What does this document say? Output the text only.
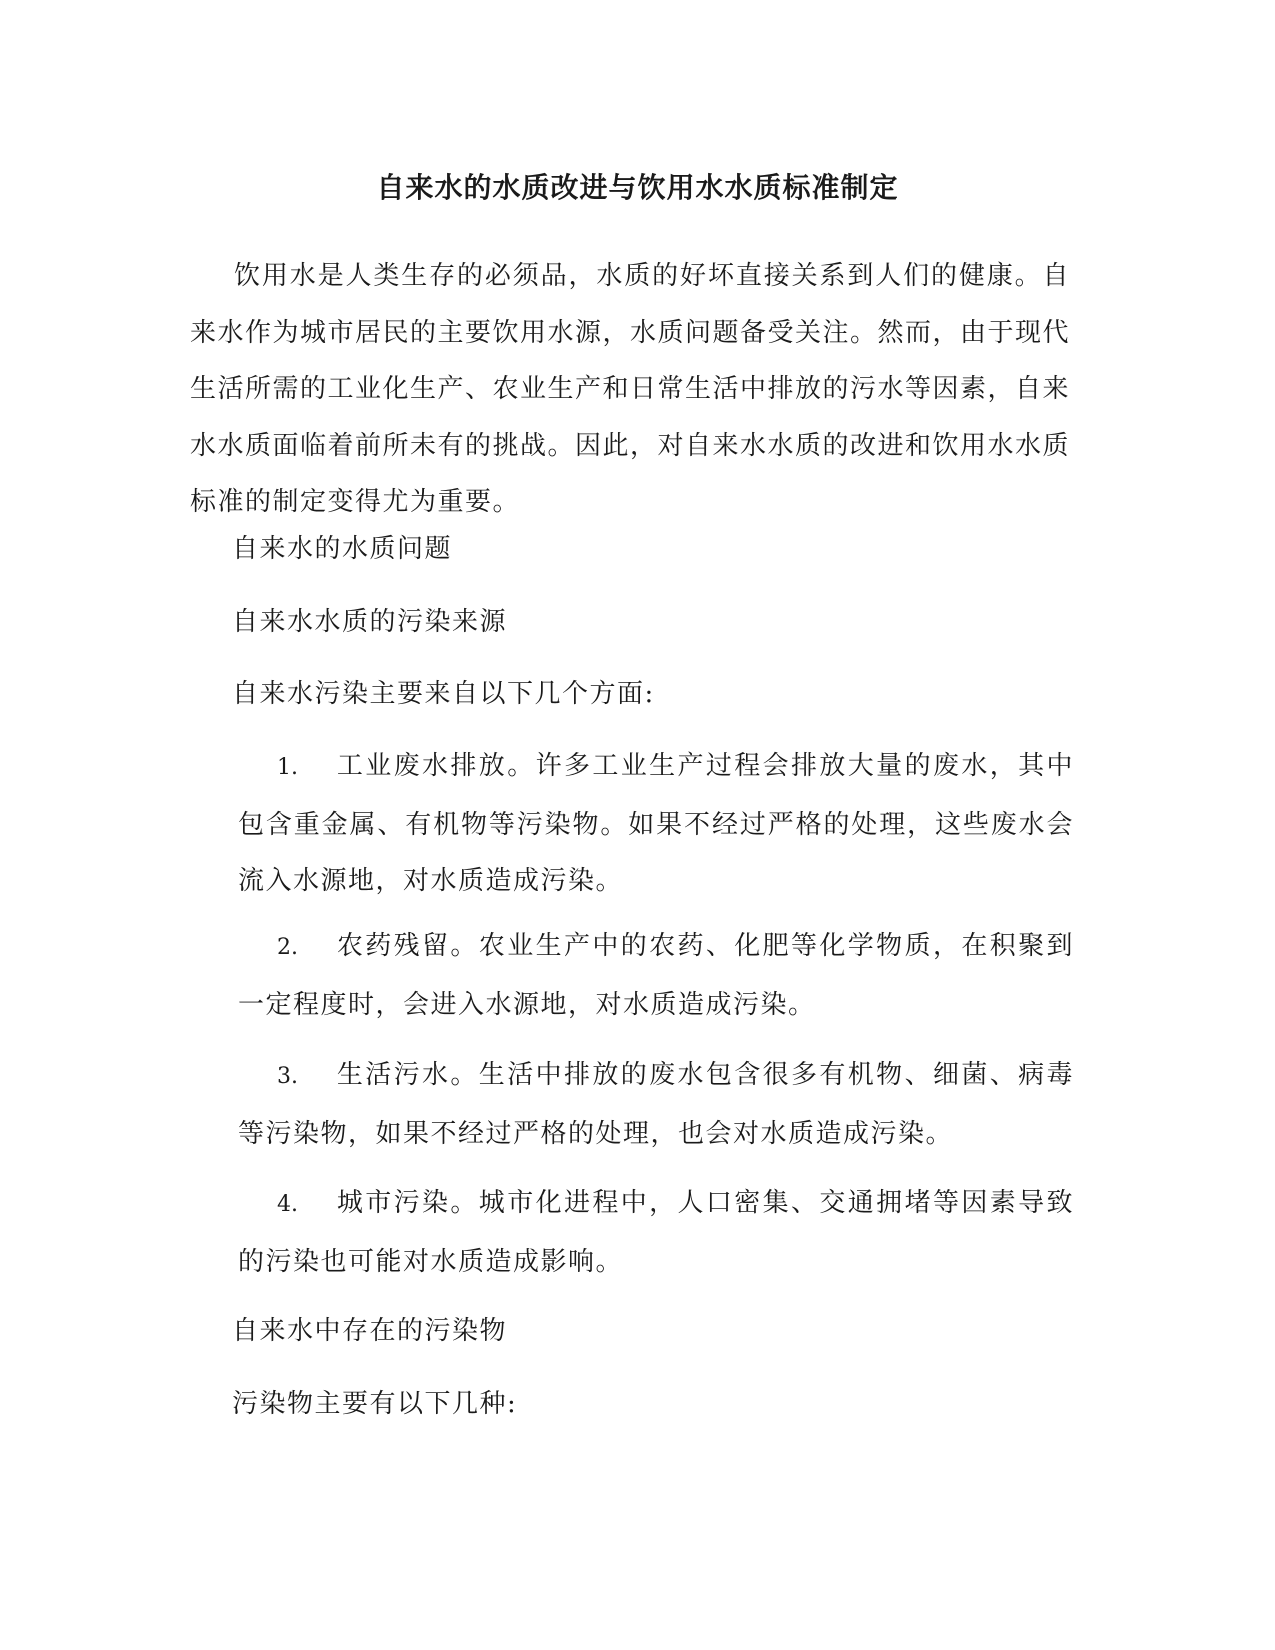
自来水的水质改进与饮用水水质标准制定
饮用水是人类生存的必须品，水质的好坏直接关系到人们的健康。自来水作为城市居民的主要饮用水源，水质问题备受关注。然而，由于现代生活所需的工业化生产、农业生产和日常生活中排放的污水等因素，自来水水质面临着前所未有的挑战。因此，对自来水水质的改进和饮用水水质标准的制定变得尤为重要。
自来水的水质问题
自来水水质的污染来源
自来水污染主要来自以下几个方面:
1. 工业废水排放。许多工业生产过程会排放大量的废水，其中包含重金属、有机物等污染物。如果不经过严格的处理，这些废水会流入水源地，对水质造成污染。
2. 农药残留。农业生产中的农药、化肥等化学物质，在积聚到一定程度时，会进入水源地，对水质造成污染。
3. 生活污水。生活中排放的废水包含很多有机物、细菌、病毒等污染物，如果不经过严格的处理，也会对水质造成污染。
4. 城市污染。城市化进程中，人口密集、交通拥堵等因素导致的污染也可能对水质造成影响。
自来水中存在的污染物
污染物主要有以下几种:
